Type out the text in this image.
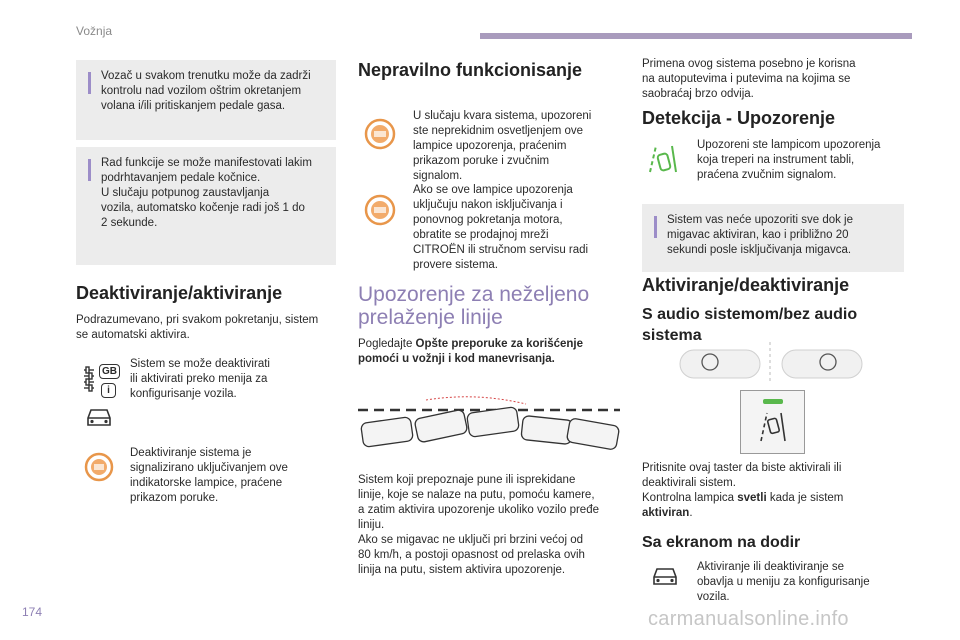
Vožnja

Vozač u svakom trenutku može da zadrži
kontrolu nad vozilom oštrim okretanjem
volana i/ili pritiskanjem pedale gasa.

Rad funkcije se može manifestovati lakim
podrhtavanjem pedale kočnice.
U slučaju potpunog zaustavljanja
vozila, automatsko kočenje radi još 1 do
2 sekunde.

Deaktiviranje/aktiviranje

Podrazumevano, pri svakom pokretanju, sistem
se automatski aktivira.

GB
i

Sistem se može deaktivirati
ili aktivirati preko menija za
konfigurisanje vozila.

Deaktiviranje sistema je
signalizirano uključivanjem ove
indikatorske lampice, praćene
prikazom poruke.

Nepravilno funkcionisanje

U slučaju kvara sistema, upozoreni
ste neprekidnim osvetljenjem ove
lampice upozorenja, praćenim
prikazom poruke i zvučnim
signalom.

Ako se ove lampice upozorenja
uključuju nakon isključivanja i
ponovnog pokretanja motora,
obratite se prodajnoj mreži
CITROËN ili stručnom servisu radi
provere sistema.

Upozorenje za neželjeno
prelaženje linije

Pogledajte Opšte preporuke za korišćenje
pomoći u vožnji i kod manevrisanja.

Sistem koji prepoznaje pune ili isprekidane
linije, koje se nalaze na putu, pomoću kamere,
a zatim aktivira upozorenje ukoliko vozilo pređe
liniju.
Ako se migavac ne uključi pri brzini većoj od
80 km/h, a postoji opasnost od prelaska ovih
linija na putu, sistem aktivira upozorenje.

Primena ovog sistema posebno je korisna
na autoputevima i putevima na kojima se
saobraćaj brzo odvija.

Detekcija - Upozorenje

Upozoreni ste lampicom upozorenja
koja treperi na instrument tabli,
praćena zvučnim signalom.

Sistem vas neće upozoriti sve dok je
migavac aktiviran, kao i približno 20
sekundi posle isključivanja migavca.

Aktiviranje/deaktiviranje
S audio sistemom/bez audio
sistema

Pritisnite ovaj taster da biste aktivirali ili
deaktivirali sistem.

Kontrolna lampica svetli kada je sistem
aktiviran.

Sa ekranom na dodir

Aktiviranje ili deaktiviranje se
obavlja u meniju za konfigurisanje
vozila.

174	carmanualsonline.info
